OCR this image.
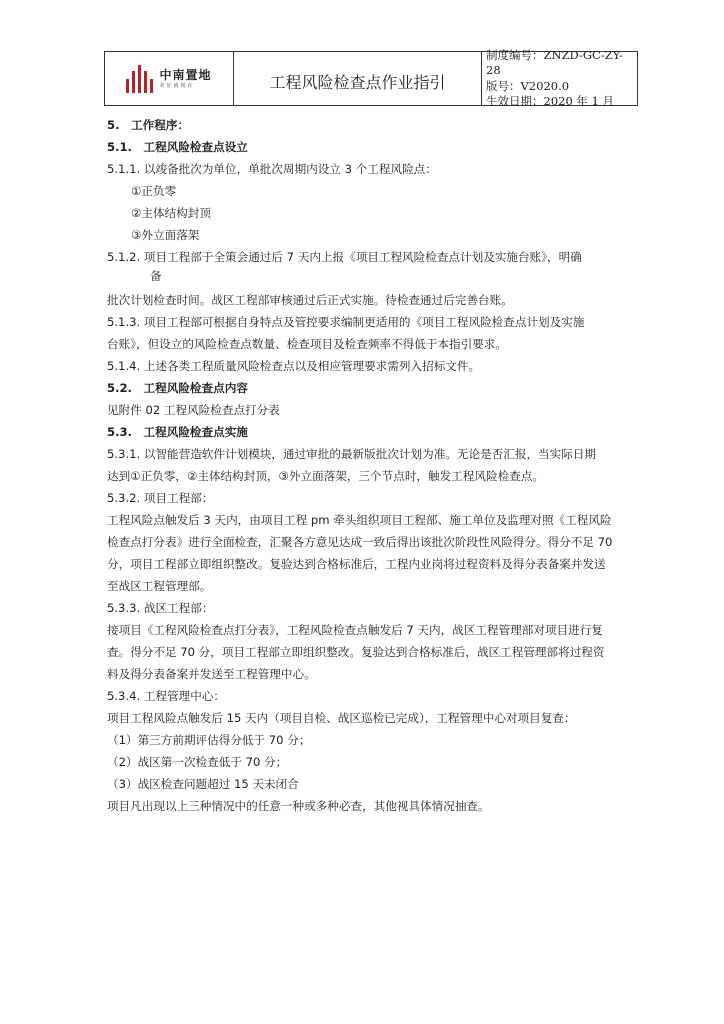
中南置地
美好就现在	工程风险检查点作业指引
制度编号：ZNZD-GC-ZY-28
版号：V2020.0
生效日期：2020 年 1 月
5.　工作程序：
5.1.　工程风险检查点设立
5.1.1. 以竣备批次为单位，单批次周期内设立 3 个工程风险点：
①正负零
②主体结构封顶
③外立面落架
5.1.2. 项目工程部于全策会通过后 7 天内上报《项目工程风险检查点计划及实施台账》，明确
备
批次计划检查时间。战区工程部审核通过后正式实施。待检查通过后完善台账。
5.1.3. 项目工程部可根据自身特点及管控要求编制更适用的《项目工程风险检查点计划及实施
台账》，但设立的风险检查点数量、检查项目及检查频率不得低于本指引要求。
5.1.4. 上述各类工程质量风险检查点以及相应管理要求需列入招标文件。
5.2.　工程风险检查点内容
见附件 02 工程风险检查点打分表
5.3.　工程风险检查点实施
5.3.1. 以智能营造软件计划模块，通过审批的最新版批次计划为准。无论是否汇报，当实际日期
达到①正负零，②主体结构封顶，③外立面落架，三个节点时，触发工程风险检查点。
5.3.2. 项目工程部：
工程风险点触发后 3 天内，由项目工程 pm 牵头组织项目工程部、施工单位及监理对照《工程风险
检查点打分表》进行全面检查，汇聚各方意见达成一致后得出该批次阶段性风险得分。得分不足 70
分，项目工程部立即组织整改。复验达到合格标准后，工程内业岗将过程资料及得分表备案并发送
至战区工程管理部。
5.3.3. 战区工程部：
接项目《工程风险检查点打分表》，工程风险检查点触发后 7 天内，战区工程管理部对项目进行复
查。得分不足 70 分，项目工程部立即组织整改。复验达到合格标准后，战区工程管理部将过程资
料及得分表备案并发送至工程管理中心。
5.3.4. 工程管理中心：
项目工程风险点触发后 15 天内（项目自检、战区巡检已完成），工程管理中心对项目复查：
（1）第三方前期评估得分低于 70 分；
（2）战区第一次检查低于 70 分；
（3）战区检查问题超过 15 天未闭合
项目凡出现以上三种情况中的任意一种或多种必查，其他视具体情况抽查。
